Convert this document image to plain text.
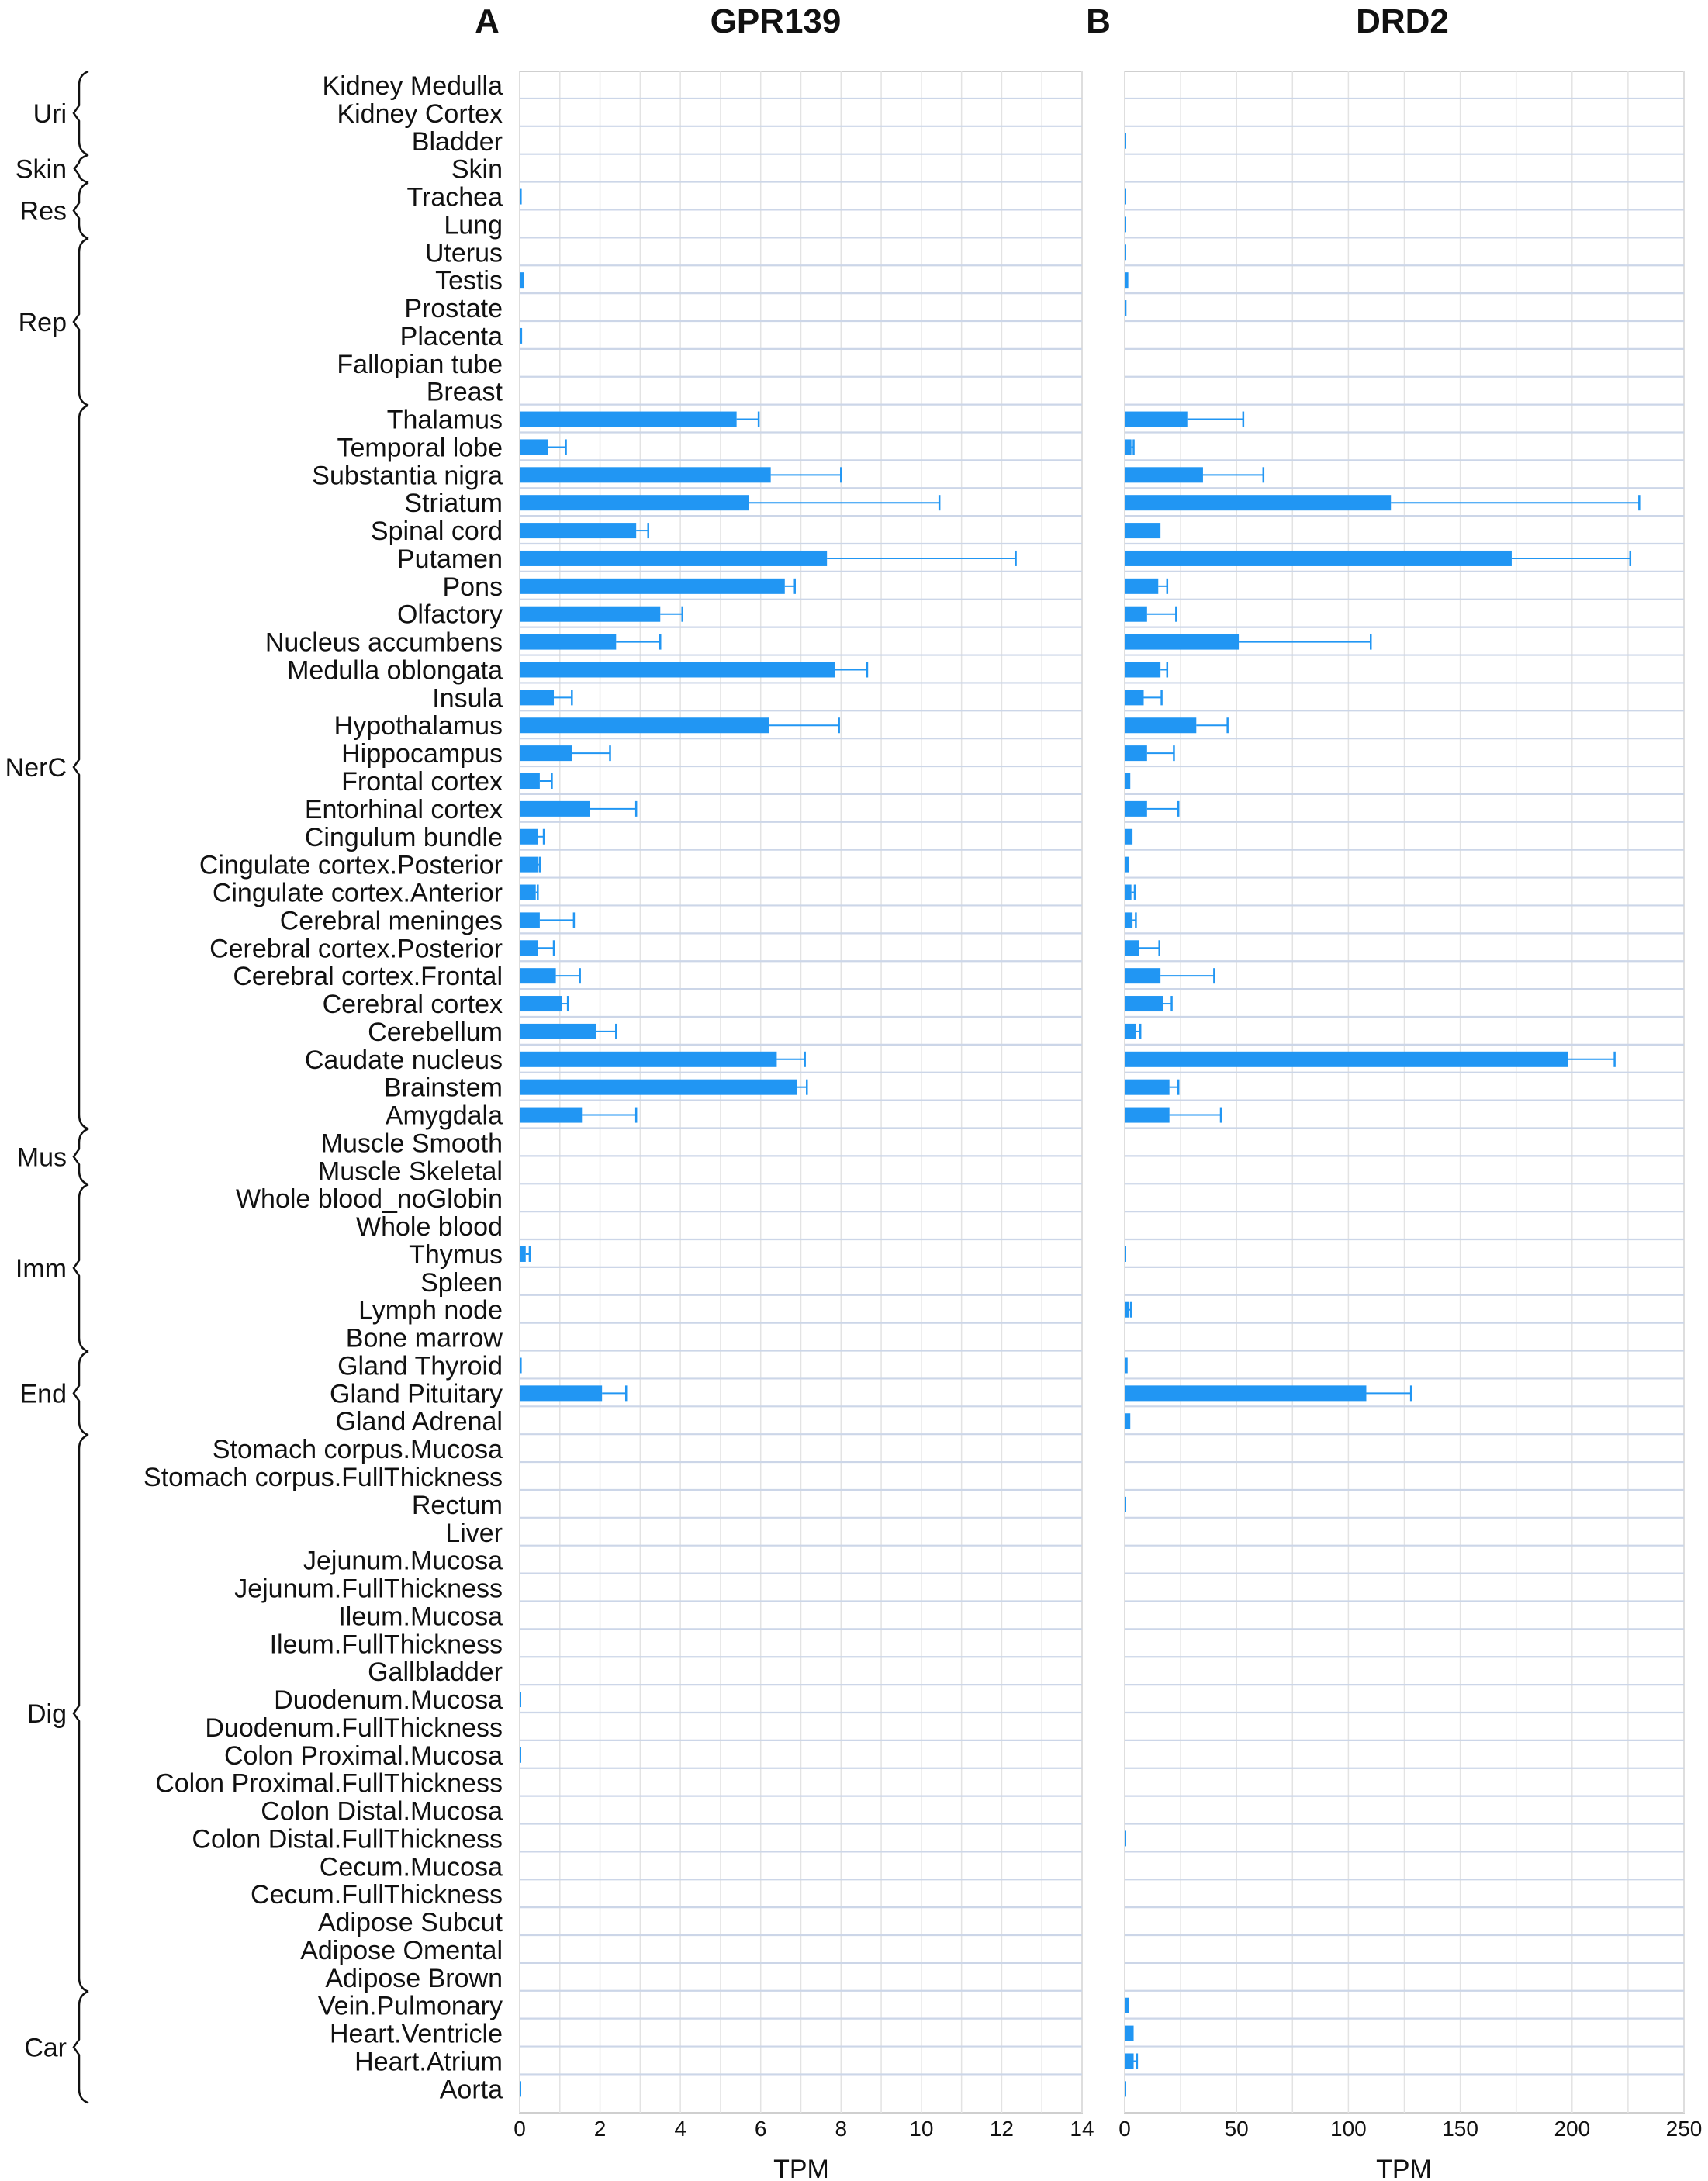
Kidney Medulla
Kidney Cortex
Bladder
Skin
Trachea
Lung
Uterus
Testis
Prostate
Placenta
Fallopian tube
Breast
Thalamus
Temporal lobe
Substantia nigra
Striatum
Spinal cord
Putamen
Pons
Olfactory
Nucleus accumbens
Medulla oblongata
Insula
Hypothalamus
Hippocampus
Frontal cortex
Entorhinal cortex
Cingulum bundle
Cingulate cortex.Posterior
Cingulate cortex.Anterior
Cerebral meninges
Cerebral cortex.Posterior
Cerebral cortex.Frontal
Cerebral cortex
Cerebellum
Caudate nucleus
Brainstem
Amygdala
Muscle Smooth
Muscle Skeletal
Whole blood_noGlobin
Whole blood
Thymus
Spleen
Lymph node
Bone marrow
Gland Thyroid
Gland Pituitary
Gland Adrenal
Stomach corpus.Mucosa
Stomach corpus.FullThickness
Rectum
Liver
Jejunum.Mucosa
Jejunum.FullThickness
Ileum.Mucosa
Ileum.FullThickness
Gallbladder
Duodenum.Mucosa
Duodenum.FullThickness
Colon Proximal.Mucosa
Colon Proximal.FullThickness
Colon Distal.Mucosa
Colon Distal.FullThickness
Cecum.Mucosa
Cecum.FullThickness
Adipose Subcut
Adipose Omental
Adipose Brown
Vein.Pulmonary
Heart.Ventricle
Heart.Atrium
Aorta
Uri
Skin
Res
Rep
NerC
Mus
Imm
End
Dig
Car
0	2	4	6	8	10	12	14 0	50	100	150	200	250
A	GPR139	B	DRD2
TPM	TPM
